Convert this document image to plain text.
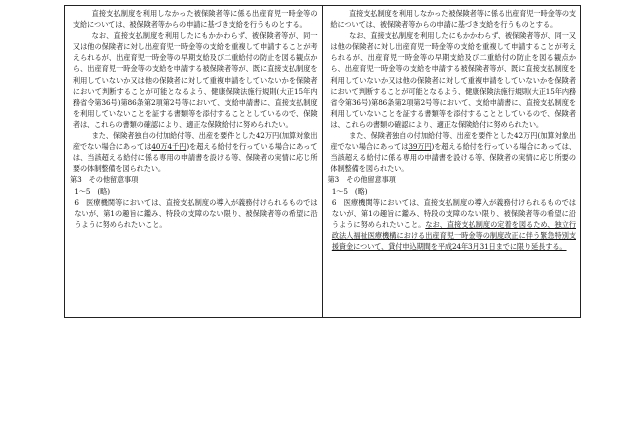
直接支払制度を利用しなかった被保険者等に係る出産育児一時金等の支給については、被保険者等からの申請に基づき支給を行うものとする。

なお、直接支払制度を利用したにもかかわらず、被保険者等が、同一又は他の保険者に対し出産育児一時金等の支給を重複して申請することが考えられるが、出産育児一時金等の早期支給及び二重給付の防止を図る観点から、出産育児一時金等の支給を申請する被保険者等が、既に直接支払制度を利用していないか又は他の保険者に対して重複申請をしていないかを保険者において判断することが可能となるよう、健康保険法施行規則(大正15年内務省令第36号)第86条第2項第2号等において、支給申請書に、直接支払制度を利用していないことを証する書類等を添付することとしているので、保険者は、これらの書類の確認により、適正な保険給付に努められたい。

また、保険者独自の付加給付等、出産を要件とした42万円(加算対象出産でない場合にあっては40万4千円)を超える給付を行っている場合にあっては、当該超える給付に係る専用の申請書を設ける等、保険者の実情に応じ所要の体制整備を図られたい。

第3　その他留意事項

1～5　(略)

6　医療機関等においては、直接支払制度の導入が義務付けられるものではないが、第1の趣旨に鑑み、特段の支障のない限り、被保険者等の希望に沿うように努められたいこと。

直接支払制度を利用しなかった被保険者等に係る出産育児一時金等の支給については、被保険者等からの申請に基づき支給を行うものとする。

なお、直接支払制度を利用したにもかかわらず、被保険者等が、同一又は他の保険者に対し出産育児一時金等の支給を重複して申請することが考えられるが、出産育児一時金等の早期支給及び二重給付の防止を図る観点から、出産育児一時金等の支給を申請する被保険者等が、既に直接支払制度を利用していないか又は他の保険者に対して重複申請をしていないかを保険者において判断することが可能となるよう、健康保険法施行規則(大正15年内務省令第36号)第86条第2項第2号等において、支給申請書に、直接支払制度を利用していないことを証する書類等を添付することとしているので、保険者は、これらの書類の確認により、適正な保険給付に努められたい。

また、保険者独自の付加給付等、出産を要件とした42万円(加算対象出産でない場合にあっては39万円)を超える給付を行っている場合にあっては、当該超える給付に係る専用の申請書を設ける等、保険者の実情に応じ所要の体制整備を図られたい。

第3　その他留意事項

1～5　(略)

6　医療機関等においては、直接支払制度の導入が義務付けられるものではないが、第1の趣旨に鑑み、特段の支障のない限り、被保険者等の希望に沿うように努められたいこと。なお、直接支払制度の定着を図るため、独立行政法人福祉医療機構における出産育児一時金等の制度改正に伴う緊急特別支援資金について、貸付申込期間を平成24年3月31日までに限り延長する。
